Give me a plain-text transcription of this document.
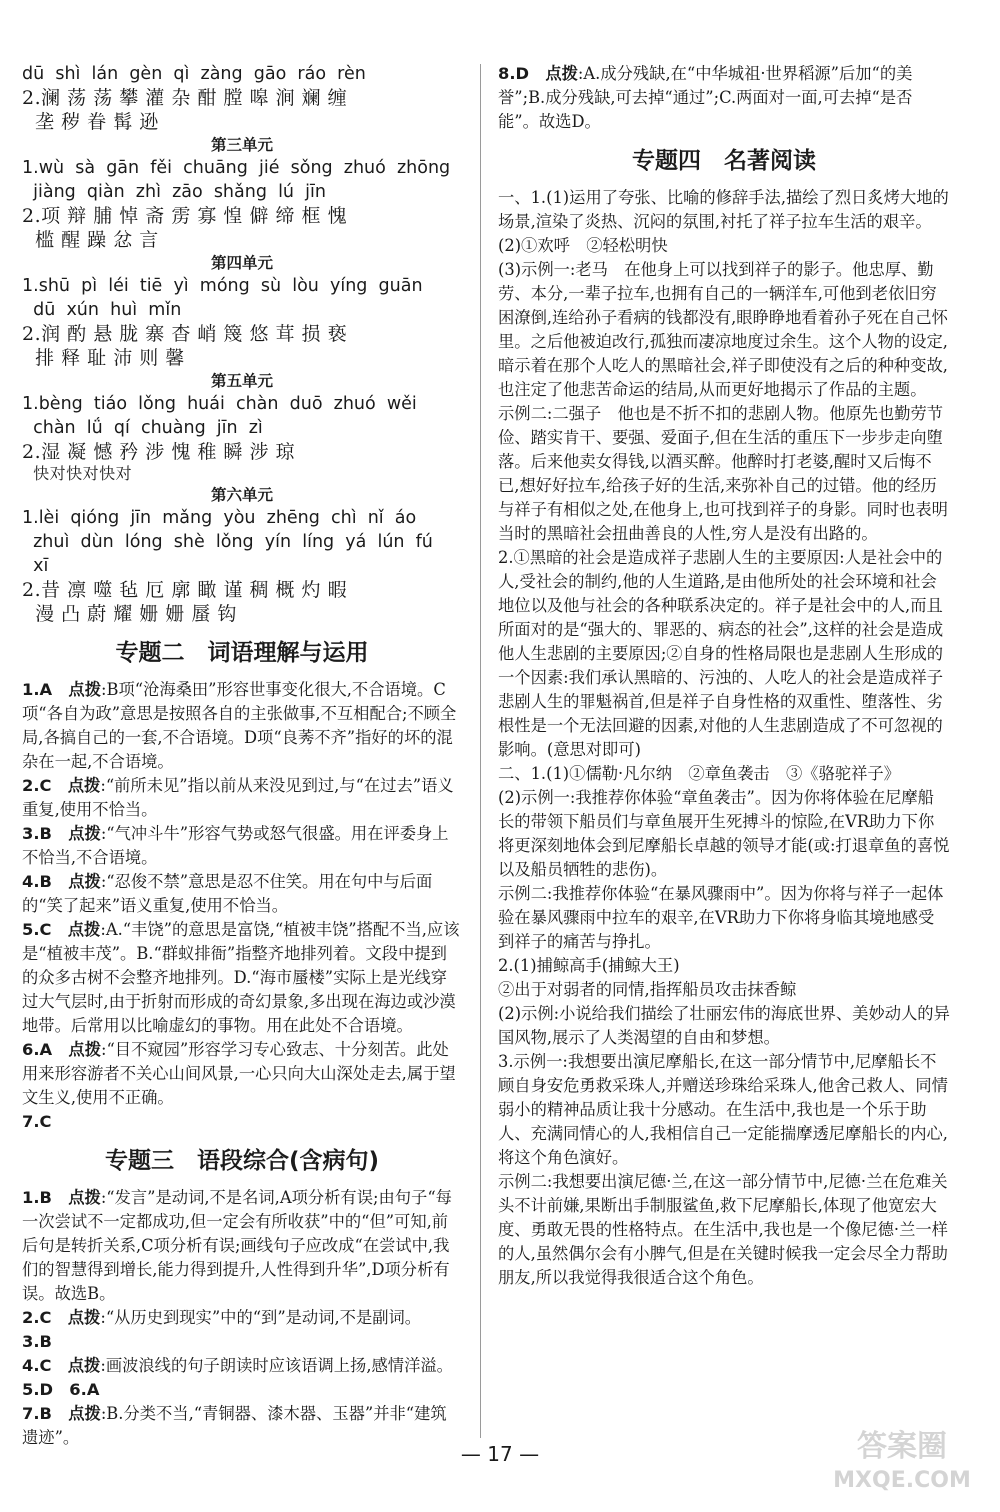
dū  shì  lán  gèn  qì  zàng  gāo  ráo  rèn

2.澜 荡 荡 攀 灌 杂 酣 膛 嗥 涧 斓 缠

垄 秽 眷 髯 逊

第三单元

1.wù  sà  gān  fěi  chuāng  jié  sǒng  zhuó  zhōng

jiàng  qiàn  zhì  zāo  shǎng  lú  jīn

2.项 辩 脯 悼 斋 雳 寡 惶 僻 缔 框 愧

槛 醒 躁 忿 言

第四单元

1.shū  pì  léi  tiē  yì  móng  sù  lòu  yíng  guān

dū  xún  huì  mǐn

2.润 酌 悬 胧 寨 杳 峭 篾 悠 茸 损 亵

排 释 耻 沛 则 馨

第五单元

1.bèng  tiáo  lǒng  huái  chàn  duō  zhuó  wěi

chàn  lǘ  qí  chuàng  jīn  zì

2.湿 凝 憾 矜 涉 愧 稚 瞬 涉 琼

快对快对快对

第六单元

1.lèi  qióng  jīn  mǎng  yòu  zhēng  chì  nǐ  áo

zhuì  dùn  lóng  shè  lǒng  yín  líng  yá  lún  fú

xī

2.昔 凛 噬 毡 厄 廓 瞰 谨 稠 概 灼 暇

漫 凸 蔚 耀 姗 姗 蜃 钩

专题二　词语理解与运用

1.A　 点拨:B项“沧海桑田”形容世事变化很大,不合语境。C项“各自为政”意思是按照各自的主张做事,不互相配合;不顾全局,各搞自己的一套,不合语境。D项“良莠不齐”指好的坏的混杂在一起,不合语境。

2.C　 点拨:“前所未见”指以前从来没见到过,与“在过去”语义重复,使用不恰当。

3.B　 点拨:“气冲斗牛”形容气势或怒气很盛。用在评委身上不恰当,不合语境。

4.B　 点拨:“忍俊不禁”意思是忍不住笑。用在句中与后面的“笑了起来”语义重复,使用不恰当。

5.C　 点拨:A.“丰饶”的意思是富饶,“植被丰饶”搭配不当,应该是“植被丰茂”。B.“群蚁排衙”指整齐地排列着。文段中提到的众多古树不会整齐地排列。D.“海市蜃楼”实际上是光线穿过大气层时,由于折射而形成的奇幻景象,多出现在海边或沙漠地带。后常用以比喻虚幻的事物。用在此处不合语境。

6.A　 点拨:“目不窥园”形容学习专心致志、十分刻苦。此处用来形容游者不关心山间风景,一心只向大山深处走去,属于望文生义,使用不正确。

7.C

专题三　语段综合(含病句)

1.B　 点拨:“发言”是动词,不是名词,A项分析有误;由句子“每一次尝试不一定都成功,但一定会有所收获”中的“但”可知,前后句是转折关系,C项分析有误;画线句子应改成“在尝试中,我们的智慧得到增长,能力得到提升,人性得到升华”,D项分析有误。故选B。

2.C　 点拨:“从历史到现实”中的“到”是动词,不是副词。

3.B

4.C　 点拨:画波浪线的句子朗读时应该语调上扬,感情洋溢。

5.D　6.A

7.B　 点拨:B.分类不当,“青铜器、漆木器、玉器”并非“建筑遗迹”。

8.D　 点拨:A.成分残缺,在“中华城祖·世界稻源”后加“的美誉”;B.成分残缺,可去掉“通过”;C.两面对一面,可去掉“是否能”。故选D。

专题四　名著阅读

一、1.(1)运用了夸张、比喻的修辞手法,描绘了烈日炙烤大地的场景,渲染了炎热、沉闷的氛围,衬托了祥子拉车生活的艰辛。

(2)①欢呼　②轻松明快

(3)示例一:老马　在他身上可以找到祥子的影子。他忠厚、勤劳、本分,一辈子拉车,也拥有自己的一辆洋车,可他到老依旧穷困潦倒,连给孙子看病的钱都没有,眼睁睁地看着孙子死在自己怀里。之后他被迫改行,孤独而凄凉地度过余生。这个人物的设定,暗示着在那个人吃人的黑暗社会,祥子即使没有之后的种种变故,也注定了他悲苦命运的结局,从而更好地揭示了作品的主题。

示例二:二强子　他也是不折不扣的悲剧人物。他原先也勤劳节俭、踏实肯干、要强、爱面子,但在生活的重压下一步步走向堕落。后来他卖女得钱,以酒买醉。他醉时打老婆,醒时又后悔不已,想好好拉车,给孩子好的生活,来弥补自己的过错。他的经历与祥子有相似之处,在他身上,也可找到祥子的身影。同时也表明当时的黑暗社会扭曲善良的人性,穷人是没有出路的。

2.①黑暗的社会是造成祥子悲剧人生的主要原因:人是社会中的人,受社会的制约,他的人生道路,是由他所处的社会环境和社会地位以及他与社会的各种联系决定的。祥子是社会中的人,而且所面对的是“强大的、罪恶的、病态的社会”,这样的社会是造成他人生悲剧的主要原因;②自身的性格局限也是悲剧人生形成的一个因素:我们承认黑暗的、污浊的、人吃人的社会是造成祥子悲剧人生的罪魁祸首,但是祥子自身性格的双重性、堕落性、劣根性是一个无法回避的因素,对他的人生悲剧造成了不可忽视的影响。(意思对即可)

二、1.(1)①儒勒·凡尔纳　②章鱼袭击　③《骆驼祥子》

(2)示例一:我推荐你体验“章鱼袭击”。因为你将体验在尼摩船长的带领下船员们与章鱼展开生死搏斗的惊险,在VR助力下你将更深刻地体会到尼摩船长卓越的领导才能(或:打退章鱼的喜悦以及船员牺牲的悲伤)。

示例二:我推荐你体验“在暴风骤雨中”。因为你将与祥子一起体验在暴风骤雨中拉车的艰辛,在VR助力下你将身临其境地感受到祥子的痛苦与挣扎。

2.(1)捕鲸高手(捕鲸大王)

②出于对弱者的同情,指挥船员攻击抹香鲸

(2)示例:小说给我们描绘了壮丽宏伟的海底世界、美妙动人的异国风物,展示了人类渴望的自由和梦想。

3.示例一:我想要出演尼摩船长,在这一部分情节中,尼摩船长不顾自身安危勇救采珠人,并赠送珍珠给采珠人,他舍己救人、同情弱小的精神品质让我十分感动。在生活中,我也是一个乐于助人、充满同情心的人,我相信自己一定能揣摩透尼摩船长的内心,将这个角色演好。

示例二:我想要出演尼德·兰,在这一部分情节中,尼德·兰在危难关头不计前嫌,果断出手制服鲨鱼,救下尼摩船长,体现了他宽宏大度、勇敢无畏的性格特点。在生活中,我也是一个像尼德·兰一样的人,虽然偶尔会有小脾气,但是在关键时候我一定会尽全力帮助朋友,所以我觉得我很适合这个角色。

— 17 —	答案圈
MXQE.COM
